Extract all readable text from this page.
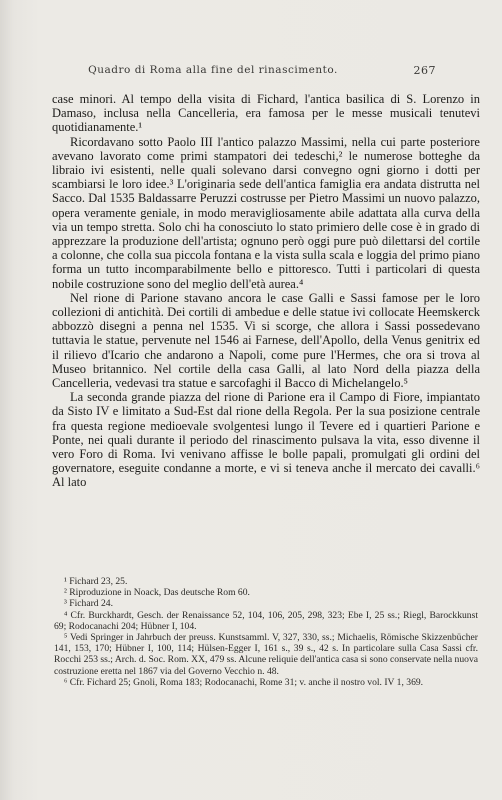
Quadro di Roma alla fine del rinascimento.	267

case minori. Al tempo della visita di Fichard, l'antica basilica di S. Lorenzo in Damaso, inclusa nella Cancelleria, era famosa per le messe musicali tenutevi quotidianamente.¹

Ricordavano sotto Paolo III l'antico palazzo Massimi, nella cui parte posteriore avevano lavorato come primi stampatori dei tedeschi,² le numerose botteghe da libraio ivi esistenti, nelle quali solevano darsi convegno ogni giorno i dotti per scambiarsi le loro idee.³ L'originaria sede dell'antica famiglia era andata distrutta nel Sacco. Dal 1535 Baldassarre Peruzzi costrusse per Pietro Massimi un nuovo palazzo, opera veramente geniale, in modo meravigliosamente abile adattata alla curva della via un tempo stretta. Solo chi ha conosciuto lo stato primiero delle cose è in grado di apprezzare la produzione dell'artista; ognuno però oggi pure può dilettarsi del cortile a colonne, che colla sua piccola fontana e la vista sulla scala e loggia del primo piano forma un tutto incomparabilmente bello e pittoresco. Tutti i particolari di questa nobile costruzione sono del meglio dell'età aurea.⁴

Nel rione di Parione stavano ancora le case Galli e Sassi famose per le loro collezioni di antichità. Dei cortili di ambedue e delle statue ivi collocate Heemskerck abbozzò disegni a penna nel 1535. Vi si scorge, che allora i Sassi possedevano tuttavia le statue, pervenute nel 1546 ai Farnese, dell'Apollo, della Venus genitrix ed il rilievo d'Icario che andarono a Napoli, come pure l'Hermes, che ora si trova al Museo britannico. Nel cortile della casa Galli, al lato Nord della piazza della Cancelleria, vedevasi tra statue e sarcofaghi il Bacco di Michelangelo.⁵

La seconda grande piazza del rione di Parione era il Campo di Fiore, impiantato da Sisto IV e limitato a Sud-Est dal rione della Regola. Per la sua posizione centrale fra questa regione medioevale svolgentesi lungo il Tevere ed i quartieri Parione e Ponte, nei quali durante il periodo del rinascimento pulsava la vita, esso divenne il vero Foro di Roma. Ivi venivano affisse le bolle papali, promulgati gli ordini del governatore, eseguite condanne a morte, e vi si teneva anche il mercato dei cavalli.⁶ Al lato

¹ Fichard 23, 25.

² Riproduzione in Noack, Das deutsche Rom 60.

³ Fichard 24.

⁴ Cfr. Burckhardt, Gesch. der Renaissance 52, 104, 106, 205, 298, 323; Ebe I, 25 ss.; Riegl, Barockkunst 69; Rodocanachi 204; Hübner I, 104.

⁵ Vedi Springer in Jahrbuch der preuss. Kunstsamml. V, 327, 330, ss.; Michaelis, Römische Skizzenbücher 141, 153, 170; Hübner I, 100, 114; Hülsen-Egger I, 161 s., 39 s., 42 s. In particolare sulla Casa Sassi cfr. Rocchi 253 ss.; Arch. d. Soc. Rom. XX, 479 ss. Alcune reliquie dell'antica casa si sono conservate nella nuova costruzione eretta nel 1867 via del Governo Vecchio n. 48.

⁶ Cfr. Fichard 25; Gnoli, Roma 183; Rodocanachi, Rome 31; v. anche il nostro vol. IV 1, 369.
